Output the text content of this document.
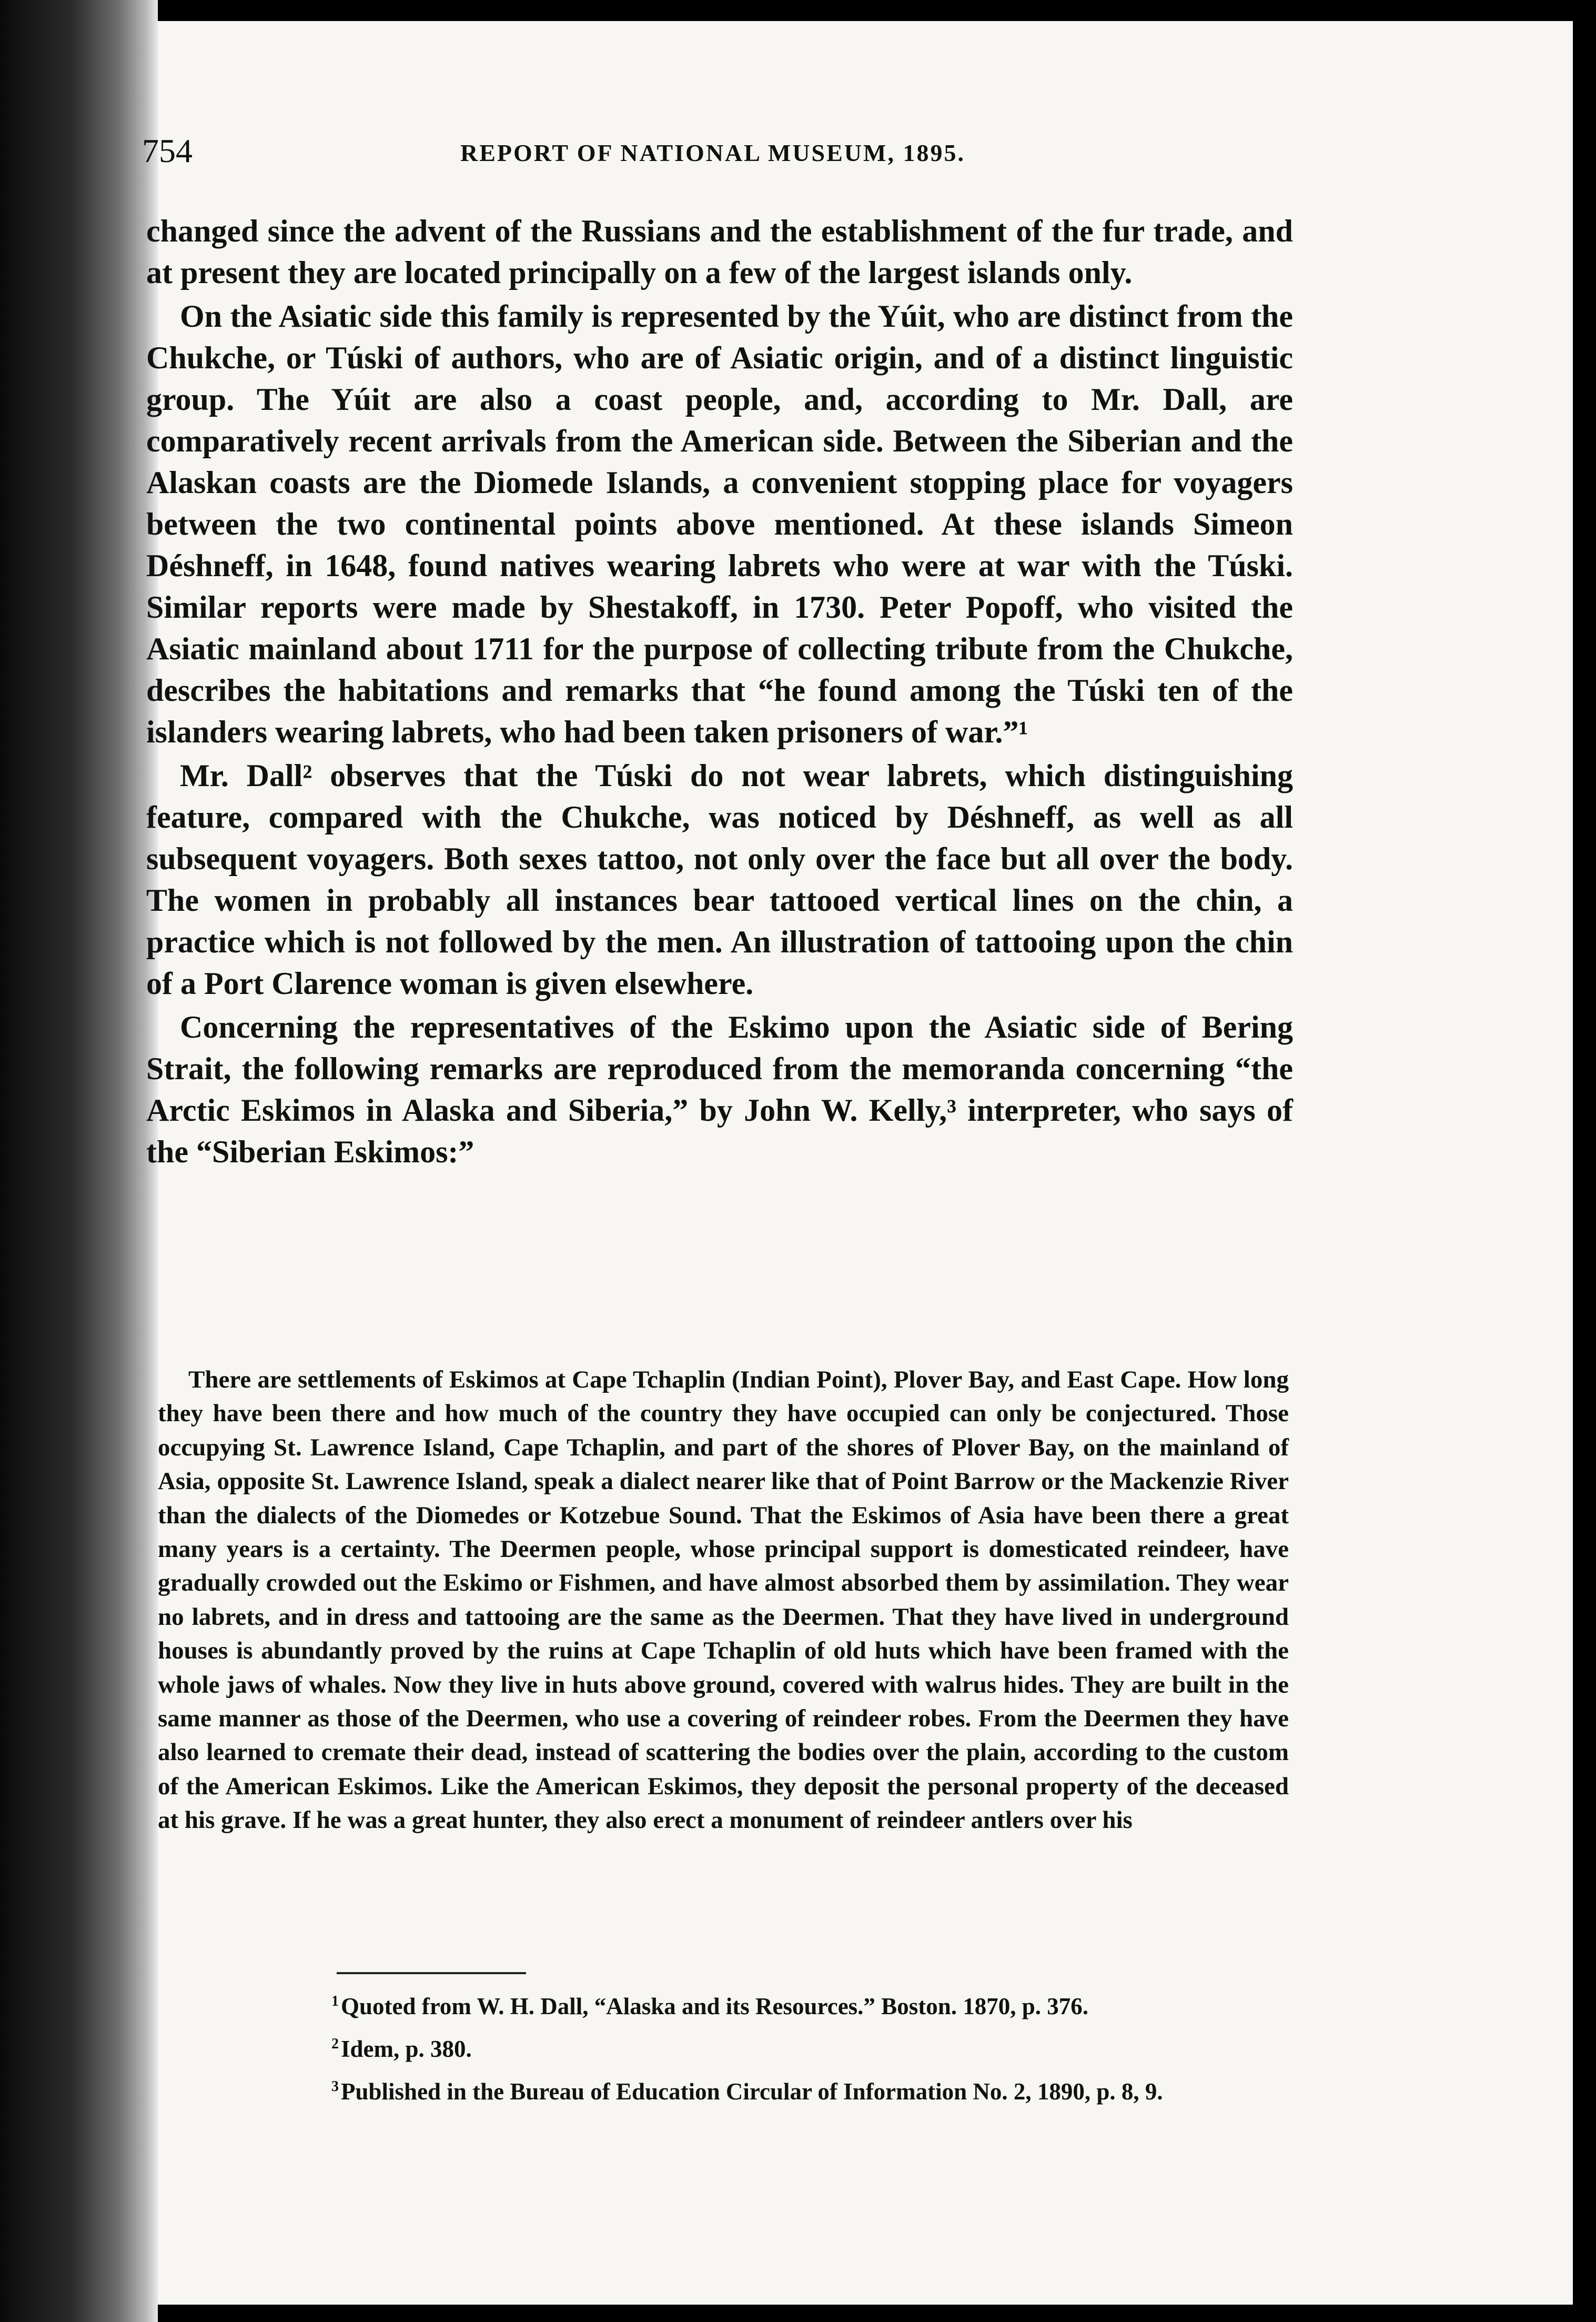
754	REPORT OF NATIONAL MUSEUM, 1895.

changed since the advent of the Russians and the establishment of the fur trade, and at present they are located principally on a few of the largest islands only.

On the Asiatic side this family is represented by the Yúit, who are distinct from the Chukche, or Túski of authors, who are of Asiatic origin, and of a distinct linguistic group. The Yúit are also a coast people, and, according to Mr. Dall, are comparatively recent arrivals from the American side. Between the Siberian and the Alaskan coasts are the Diomede Islands, a convenient stopping place for voyagers between the two continental points above mentioned. At these islands Simeon Déshneff, in 1648, found natives wearing labrets who were at war with the Túski. Similar reports were made by Shestakoff, in 1730. Peter Popoff, who visited the Asiatic mainland about 1711 for the purpose of collecting tribute from the Chukche, describes the habitations and remarks that “he found among the Túski ten of the islanders wearing labrets, who had been taken prisoners of war.”¹

Mr. Dall² observes that the Túski do not wear labrets, which distinguishing feature, compared with the Chukche, was noticed by Déshneff, as well as all subsequent voyagers. Both sexes tattoo, not only over the face but all over the body. The women in probably all instances bear tattooed vertical lines on the chin, a practice which is not followed by the men. An illustration of tattooing upon the chin of a Port Clarence woman is given elsewhere.

Concerning the representatives of the Eskimo upon the Asiatic side of Bering Strait, the following remarks are reproduced from the memoranda concerning “the Arctic Eskimos in Alaska and Siberia,” by John W. Kelly,³ interpreter, who says of the “Siberian Eskimos:”

There are settlements of Eskimos at Cape Tchaplin (Indian Point), Plover Bay, and East Cape. How long they have been there and how much of the country they have occupied can only be conjectured. Those occupying St. Lawrence Island, Cape Tchaplin, and part of the shores of Plover Bay, on the mainland of Asia, opposite St. Lawrence Island, speak a dialect nearer like that of Point Barrow or the Mackenzie River than the dialects of the Diomedes or Kotzebue Sound. That the Eskimos of Asia have been there a great many years is a certainty. The Deermen people, whose principal support is domesticated reindeer, have gradually crowded out the Eskimo or Fishmen, and have almost absorbed them by assimilation. They wear no labrets, and in dress and tattooing are the same as the Deermen. That they have lived in underground houses is abundantly proved by the ruins at Cape Tchaplin of old huts which have been framed with the whole jaws of whales. Now they live in huts above ground, covered with walrus hides. They are built in the same manner as those of the Deermen, who use a covering of reindeer robes. From the Deermen they have also learned to cremate their dead, instead of scattering the bodies over the plain, according to the custom of the American Eskimos. Like the American Eskimos, they deposit the personal property of the deceased at his grave. If he was a great hunter, they also erect a monument of reindeer antlers over his

$^1$Quoted from W. H. Dall, “Alaska and its Resources.” Boston. 1870, p. 376.
$^2$Idem, p. 380.
$^3$Published in the Bureau of Education Circular of Information No. 2, 1890, p. 8, 9.
